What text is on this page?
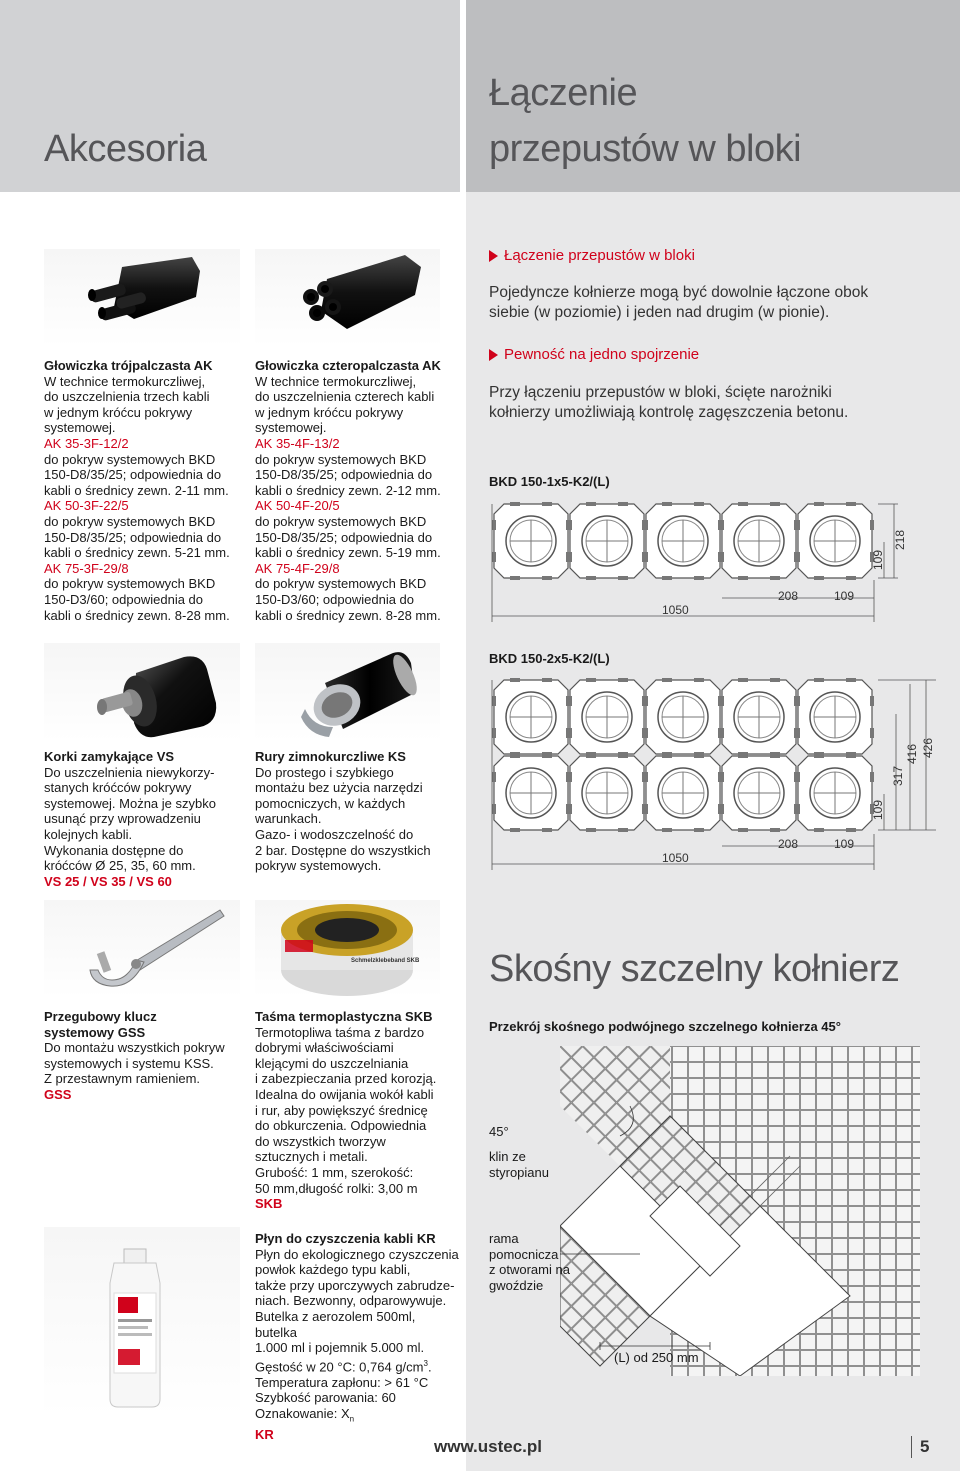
Akcesoria
Łączenie
przepustów w bloki
Głowiczka trójpalczasta AK
W technice termokurczliwej,
do uszczelnienia trzech kabli
w jednym króćcu pokrywy
systemowej.
AK 35-3F-12/2
do pokryw systemowych BKD
150-D8/35/25; odpowiednia do
kabli o średnicy zewn. 2-11 mm.
AK 50-3F-22/5
do pokryw systemowych BKD
150-D8/35/25; odpowiednia do
kabli o średnicy zewn. 5-21 mm.
AK 75-3F-29/8
do pokryw systemowych BKD
150-D3/60; odpowiednia do
kabli o średnicy zewn. 8-28 mm.
Głowiczka czteropalczasta AK
W technice termokurczliwej,
do uszczelnienia czterech kabli
w jednym króćcu pokrywy
systemowej.
AK 35-4F-13/2
do pokryw systemowych BKD
150-D8/35/25; odpowiednia do
kabli o średnicy zewn. 2-12 mm.
AK 50-4F-20/5
do pokryw systemowych BKD
150-D8/35/25; odpowiednia do
kabli o średnicy zewn. 5-19 mm.
AK 75-4F-29/8
do pokryw systemowych BKD
150-D3/60; odpowiednia do
kabli o średnicy zewn. 8-28 mm.
Korki zamykające VS
Do uszczelnienia niewykorzy-
stanych króćców pokrywy
systemowej. Można je szybko
usunąć przy wprowadzeniu
kolejnych kabli.
Wykonania dostępne do
króćców Ø 25, 35, 60 mm.
VS 25 / VS 35 / VS 60
Rury zimnokurczliwe KS
Do prostego i szybkiego
montażu bez użycia narzędzi
pomocniczych, w każdych
warunkach.
Gazo- i wodoszczelność do
2 bar. Dostępne do wszystkich
pokryw systemowych.
Schmelzklebeband SKB
Przegubowy klucz
systemowy GSS
Do montażu wszystkich pokryw
systemowych i systemu KSS.
Z przestawnym ramieniem.
GSS
Taśma termoplastyczna SKB
Termotopliwa taśma z bardzo
dobrymi właściwościami
klejącymi do uszczelniania
i zabezpieczania przed korozją.
Idealna do owijania wokół kabli
i rur, aby powiększyć średnicę
do obkurczenia. Odpowiednia
do wszystkich tworzyw
sztucznych i metali.
Grubość: 1 mm, szerokość:
50 mm,długość rolki: 3,00 m
SKB
Płyn do czyszczenia kabli KR
Płyn do ekologicznego czyszczenia
powłok każdego typu kabli,
także przy uporczywych zabrudze-
niach. Bezwonny, odparowywuje.
Butelka z aerozolem 500ml, butelka
1.000 ml i pojemnik 5.000 ml.
Gęstość w 20 °C: 0,764 $g/cm^3$.
Temperatura zapłonu: > 61 °C
Szybkość parowania: 60
Oznakowanie: $X_n$
KR
Łączenie przepustów w bloki
Pojedyncze kołnierze mogą być dowolnie łączone obok
siebie (w poziomie) i jeden nad drugim (w pionie).
Pewność na jedno spojrzenie
Przy łączeniu przepustów w bloki, ścięte narożniki
kołnierzy umożliwiają kontrolę zagęszczenia betonu.
BKD 150-1x5-K2/(L)
1050
208	109
109
218
BKD 150-2x5-K2/(L)
1050
208	109
109
317
416 426
Skośny szczelny kołnierz
Przekrój skośnego podwójnego szczelnego kołnierza 45°
45°
klin ze
styropianu
rama
pomocnicza
z otworami na
gwoździe
(L) od 250 mm
www.ustec.pl	5
